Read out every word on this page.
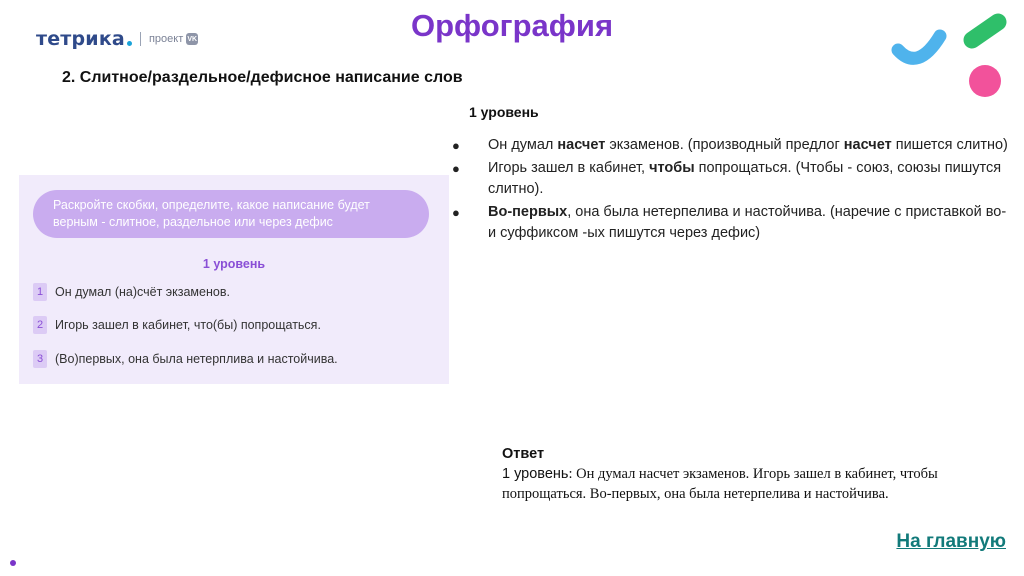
тетрика проект VK	Орфография
2. Слитное/раздельное/дефисное написание слов
1 уровень
● Он думал насчет экзаменов. (производный предлог насчет пишется слитно)
● Игорь зашел в кабинет, чтобы попрощаться. (Чтобы - союз, союзы пишутся слитно).
● Во-первых, она была нетерпелива и настойчива. (наречие с приставкой во- и суффиксом -ых пишутся через дефис)
Раскройте скобки, определите, какое написание будет верным - слитное, раздельное или через дефис
1 уровень
1 Он думал (на)счёт экзаменов.
2 Игорь зашел в кабинет, что(бы) попрощаться.
3 (Во)первых, она была нетерплива и настойчива.
Ответ
1 уровень: Он думал насчет экзаменов. Игорь зашел в кабинет, чтобы попрощаться. Во-первых, она была нетерпелива и настойчива.
На главную
